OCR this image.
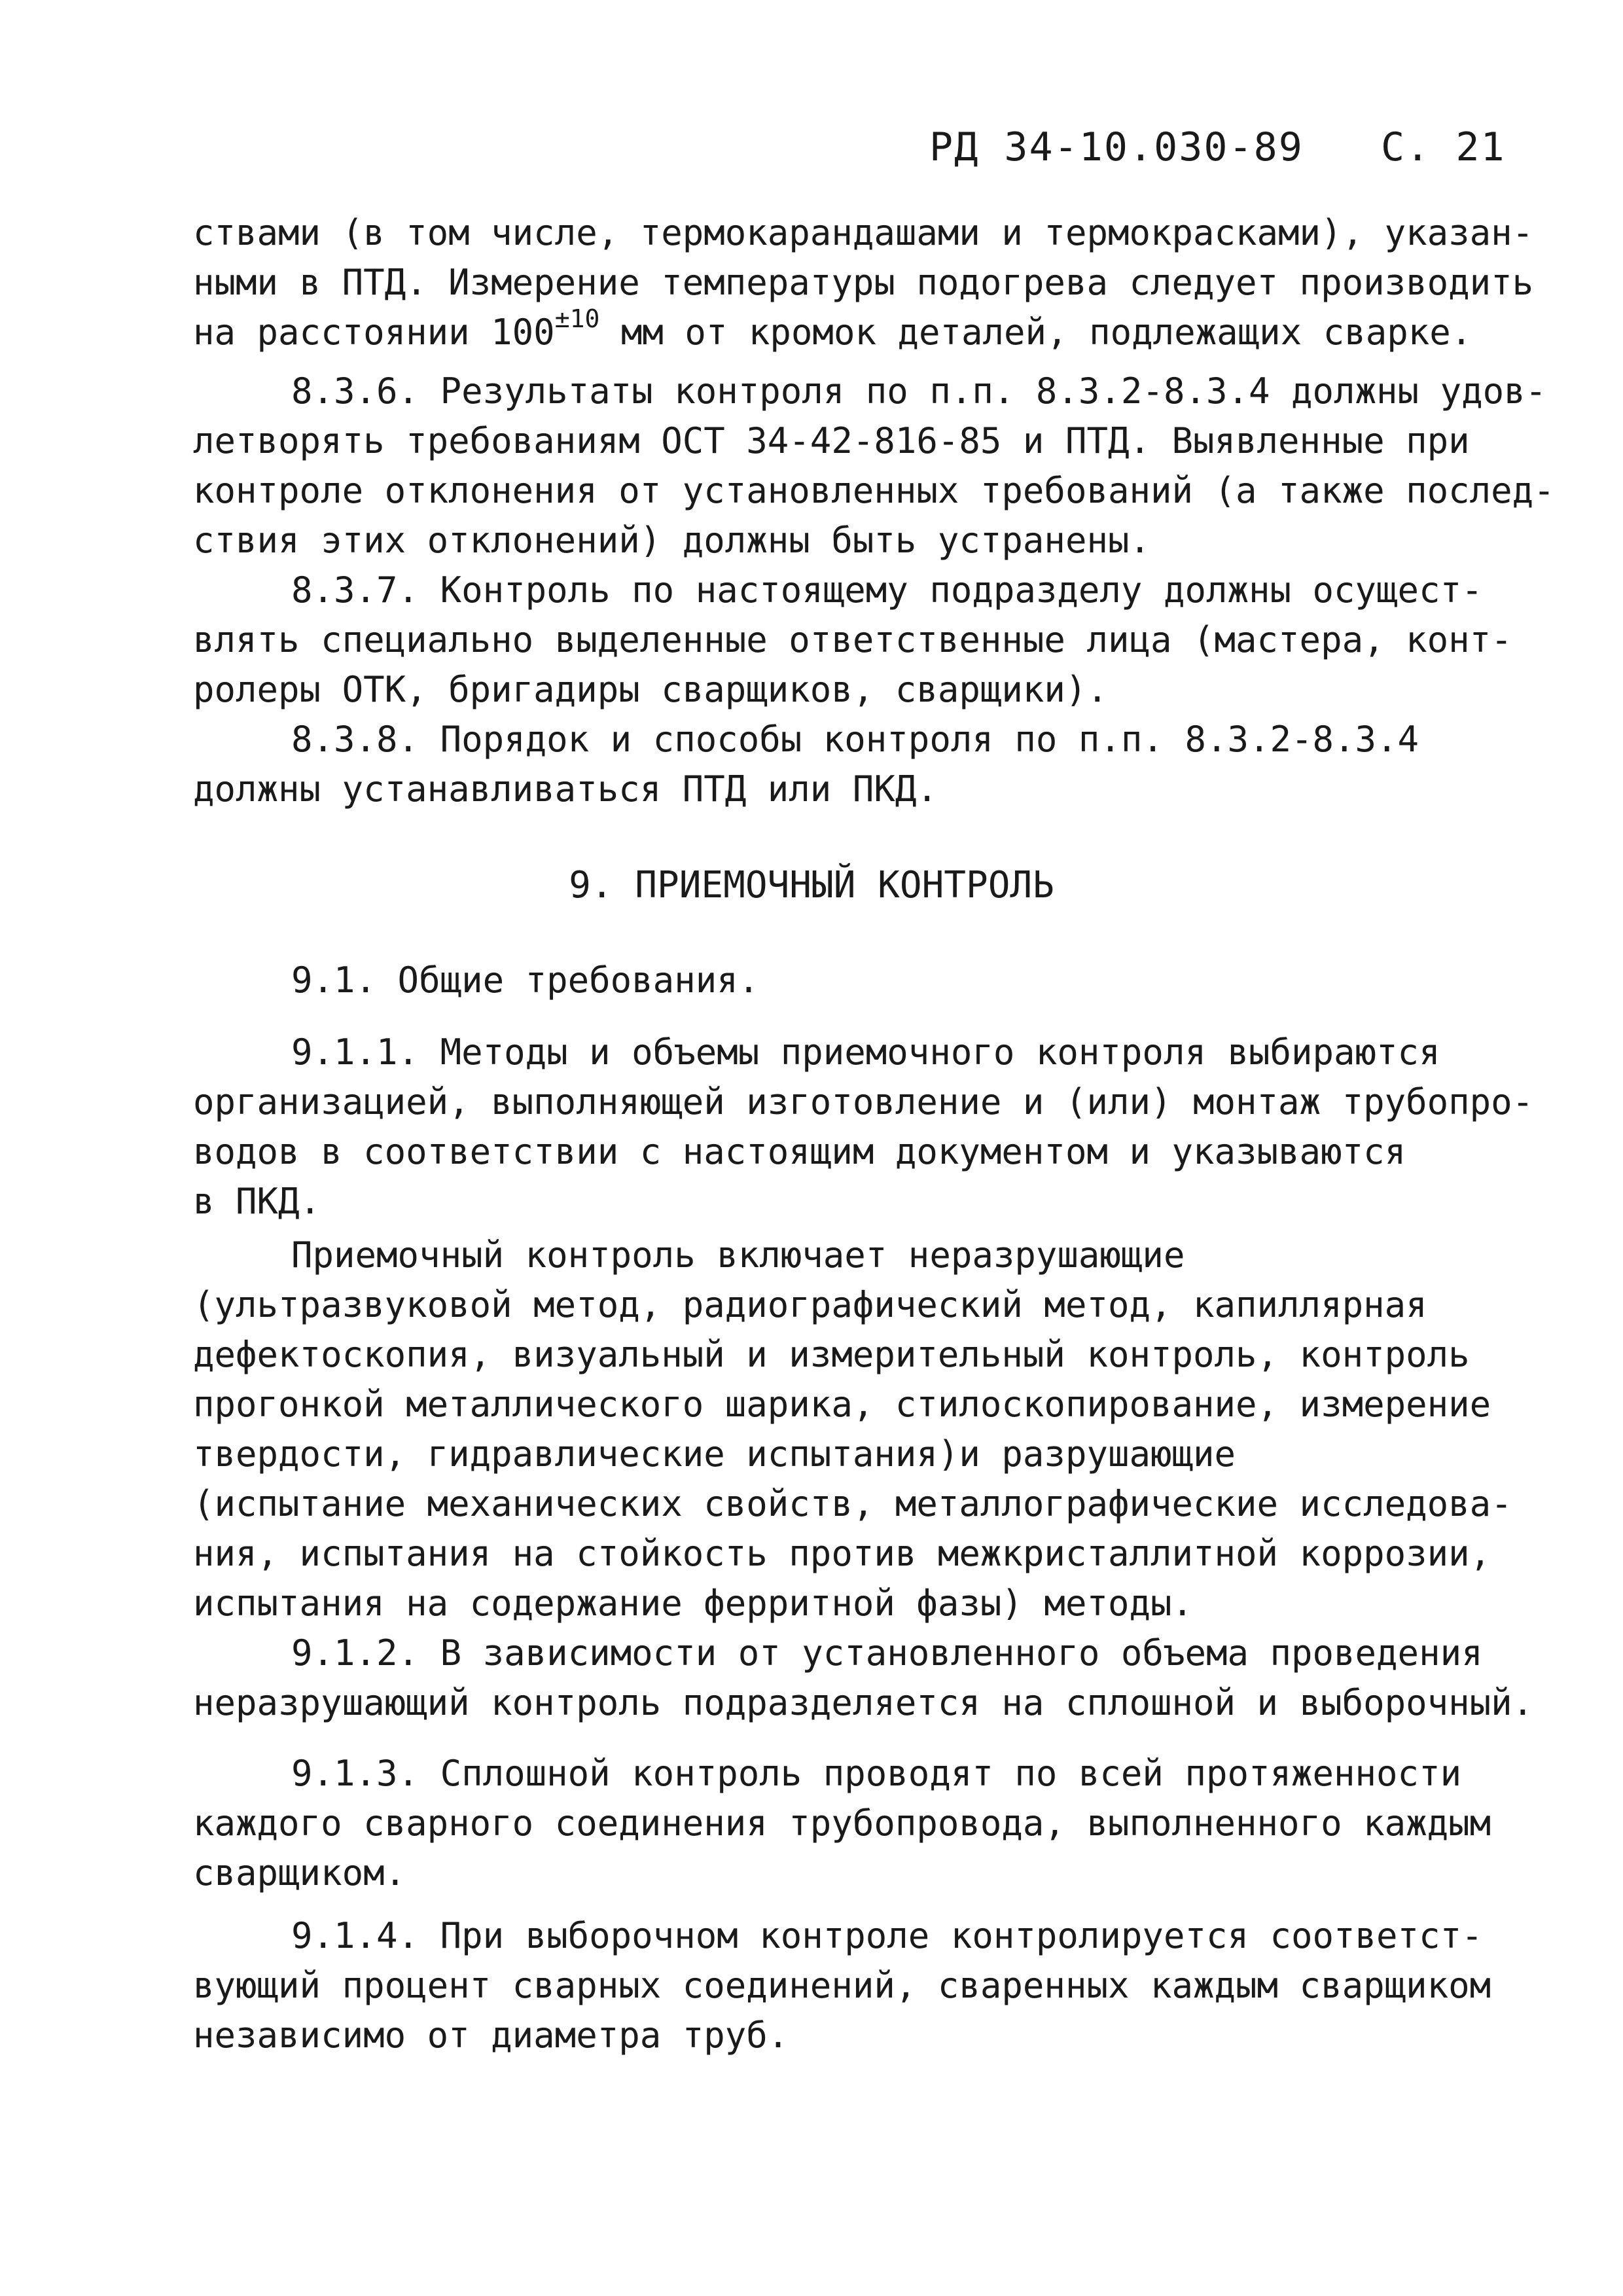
РД 34-10.030-89 С. 21
ствами (в том числе, термокарандашами и термокрасками), указан-
ными в ПТД. Измерение температуры подогрева следует производить
на расстоянии $100^{\pm 10}$ мм от кромок деталей, подлежащих сварке.
8.3.6. Результаты контроля по п.п. 8.3.2-8.3.4 должны удов-
летворять требованиям ОСТ 34-42-816-85 и ПТД. Выявленные при
контроле отклонения от установленных требований (а также послед-
ствия этих отклонений) должны быть устранены.
8.3.7. Контроль по настоящему подразделу должны осущест-
влять специально выделенные ответственные лица (мастера, конт-
ролеры ОТК, бригадиры сварщиков, сварщики).
8.3.8. Порядок и способы контроля по п.п. 8.3.2-8.3.4
должны устанавливаться ПТД или ПКД.
9. ПРИЕМОЧНЫЙ КОНТРОЛЬ
9.1. Общие требования.
9.1.1. Методы и объемы приемочного контроля выбираются
организацией, выполняющей изготовление и (или) монтаж трубопро-
водов в соответствии с настоящим документом и указываются
в ПКД.
Приемочный контроль включает неразрушающие
(ультразвуковой метод, радиографический метод, капиллярная
дефектоскопия, визуальный и измерительный контроль, контроль
прогонкой металлического шарика, стилоскопирование, измерение
твердости, гидравлические испытания)и разрушающие
(испытание механических свойств, металлографические исследова-
ния, испытания на стойкость против межкристаллитной коррозии,
испытания на содержание ферритной фазы) методы.
9.1.2. В зависимости от установленного объема проведения
неразрушающий контроль подразделяется на сплошной и выборочный.
9.1.3. Сплошной контроль проводят по всей протяженности
каждого сварного соединения трубопровода, выполненного каждым
сварщиком.
9.1.4. При выборочном контроле контролируется соответст-
вующий процент сварных соединений, сваренных каждым сварщиком
независимо от диаметра труб.
